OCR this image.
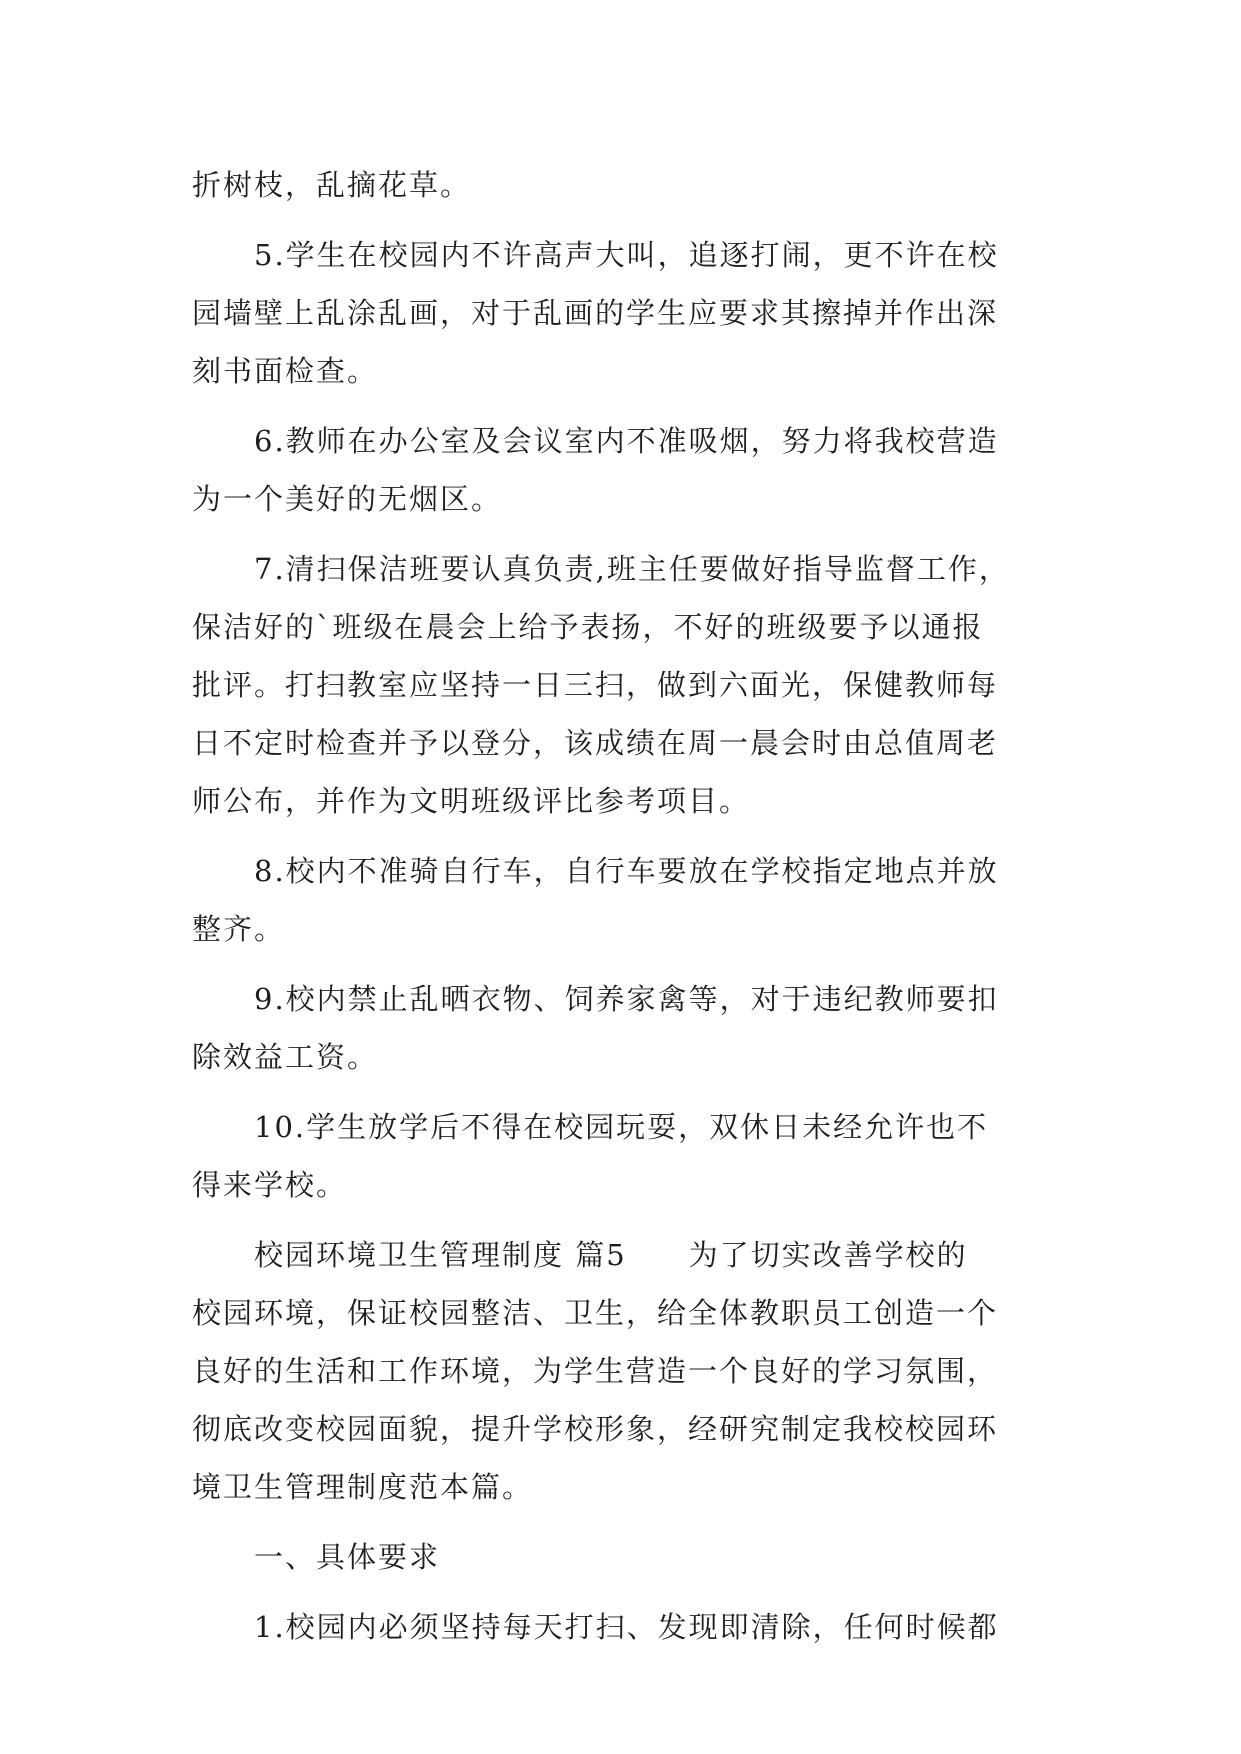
折树枝，乱摘花草。
5.学生在校园内不许高声大叫，追逐打闹，更不许在校
园墙壁上乱涂乱画，对于乱画的学生应要求其擦掉并作出深
刻书面检查。
6.教师在办公室及会议室内不准吸烟，努力将我校营造
为一个美好的无烟区。
7.清扫保洁班要认真负责,班主任要做好指导监督工作，
保洁好的`班级在晨会上给予表扬，不好的班级要予以通报
批评。打扫教室应坚持一日三扫，做到六面光，保健教师每
日不定时检查并予以登分，该成绩在周一晨会时由总值周老
师公布，并作为文明班级评比参考项目。
8.校内不准骑自行车，自行车要放在学校指定地点并放
整齐。
9.校内禁止乱晒衣物、饲养家禽等，对于违纪教师要扣
除效益工资。
10.学生放学后不得在校园玩耍，双休日未经允许也不
得来学校。
校园环境卫生管理制度 篇5　　为了切实改善学校的
校园环境，保证校园整洁、卫生，给全体教职员工创造一个
良好的生活和工作环境，为学生营造一个良好的学习氛围，
彻底改变校园面貌，提升学校形象，经研究制定我校校园环
境卫生管理制度范本篇。
一、具体要求
1.校园内必须坚持每天打扫、发现即清除，任何时候都
